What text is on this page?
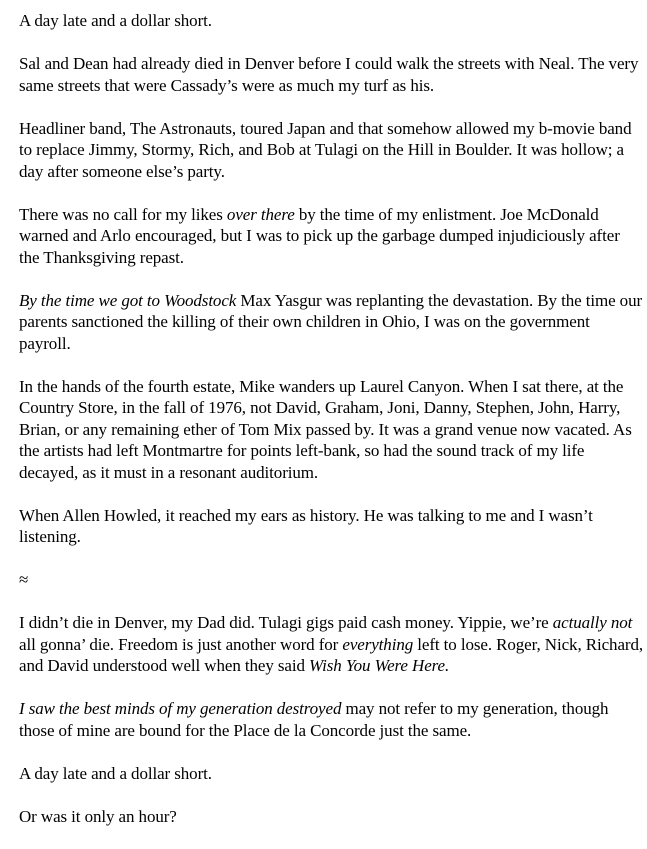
A day late and a dollar short.

Sal and Dean had already died in Denver before I could walk the streets with Neal. The very same streets that were Cassady’s were as much my turf as his.

Headliner band, The Astronauts, toured Japan and that somehow allowed my b-movie band to replace Jimmy, Stormy, Rich, and Bob at Tulagi on the Hill in Boulder. It was hollow; a day after someone else’s party.

There was no call for my likes over there by the time of my enlistment. Joe McDonald warned and Arlo encouraged, but I was to pick up the garbage dumped injudiciously after the Thanksgiving repast.

By the time we got to Woodstock Max Yasgur was replanting the devastation. By the time our parents sanctioned the killing of their own children in Ohio, I was on the government payroll.

In the hands of the fourth estate, Mike wanders up Laurel Canyon. When I sat there, at the Country Store, in the fall of 1976, not David, Graham, Joni, Danny, Stephen, John, Harry, Brian, or any remaining ether of Tom Mix passed by. It was a grand venue now vacated. As the artists had left Montmartre for points left-bank, so had the sound track of my life decayed, as it must in a resonant auditorium.

When Allen Howled, it reached my ears as history. He was talking to me and I wasn’t listening.

≈

I didn’t die in Denver, my Dad did. Tulagi gigs paid cash money. Yippie, we’re actually not all gonna’ die. Freedom is just another word for everything left to lose. Roger, Nick, Richard, and David understood well when they said Wish You Were Here.

I saw the best minds of my generation destroyed may not refer to my generation, though those of mine are bound for the Place de la Concorde just the same.

A day late and a dollar short.

Or was it only an hour?
